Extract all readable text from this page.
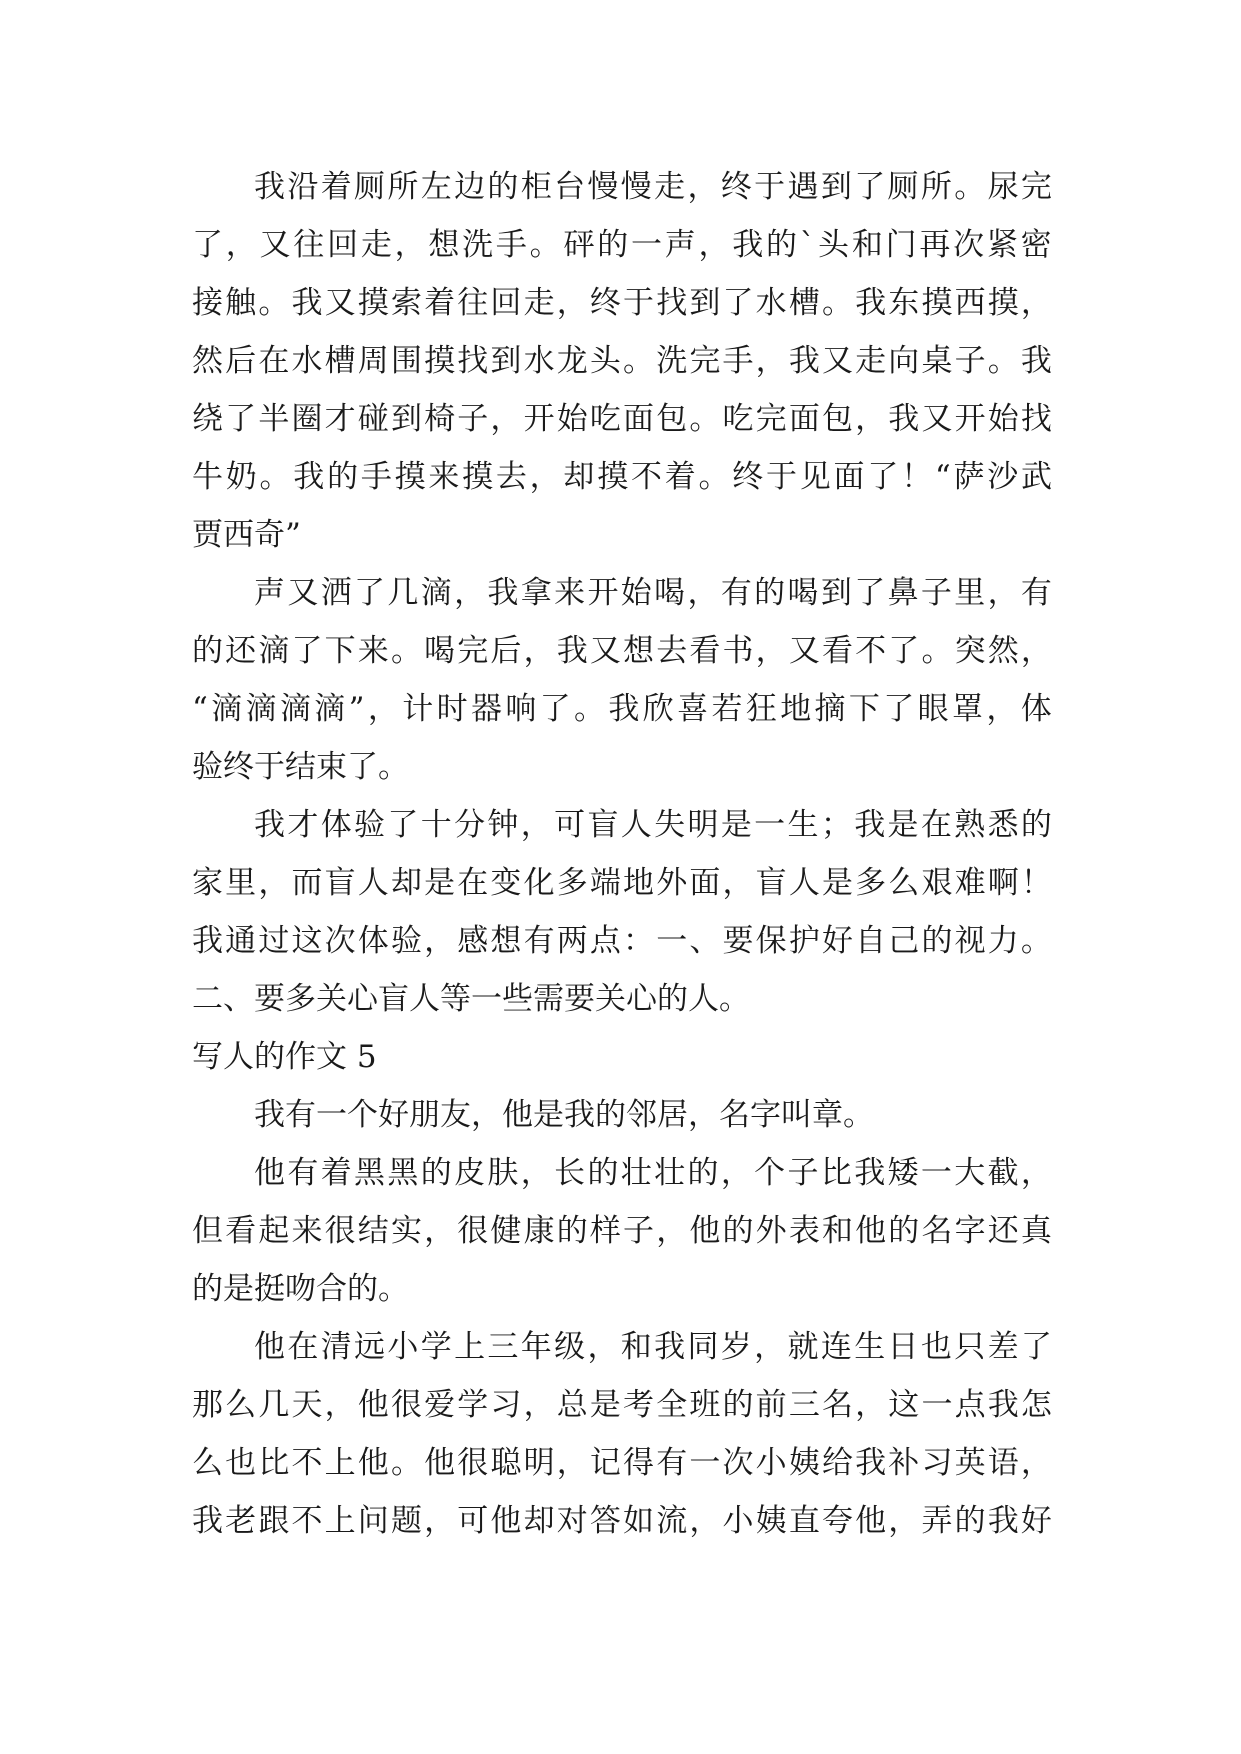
我 沿 着 厕 所 左 边 的 柜 台 慢 慢 走 ， 终 于 遇 到 了 厕 所 。 尿 完
了 ， 又 往 回 走 ， 想 洗 手 。 砰 的 一 声 ， 我 的 ` 头 和 门 再 次 紧 密
接 触 。 我 又 摸 索 着 往 回 走 ， 终 于 找 到 了 水 槽 。 我 东 摸 西 摸 ，
然 后 在 水 槽 周 围 摸 找 到 水 龙 头 。 洗 完 手 ， 我 又 走 向 桌 子 。 我
绕 了 半 圈 才 碰 到 椅 子 ， 开 始 吃 面 包 。 吃 完 面 包 ， 我 又 开 始 找
牛 奶 。 我 的 手 摸 来 摸 去 ， 却 摸 不 着 。 终 于 见 面 了 ！ “ 萨 沙 武
贾西奇”
声 又 洒 了 几 滴 ， 我 拿 来 开 始 喝 ， 有 的 喝 到 了 鼻 子 里 ， 有
的 还 滴 了 下 来 。 喝 完 后 ， 我 又 想 去 看 书 ， 又 看 不 了 。 突 然 ，
“ 滴 滴 滴 滴 ” ， 计 时 器 响 了 。 我 欣 喜 若 狂 地 摘 下 了 眼 罩 ， 体
验终于结束了。
我 才 体 验 了 十 分 钟 ， 可 盲 人 失 明 是 一 生 ； 我 是 在 熟 悉 的
家 里 ， 而 盲 人 却 是 在 变 化 多 端 地 外 面 ， 盲 人 是 多 么 艰 难 啊 ！
我 通 过 这 次 体 验 ， 感 想 有 两 点 ： 一 、 要 保 护 好 自 己 的 视 力 。
二、要多关心盲人等一些需要关心的人。
写人的作文 5
我有一个好朋友，他是我的邻居，名字叫章。
他 有 着 黑 黑 的 皮 肤 ， 长 的 壮 壮 的 ， 个 子 比 我 矮 一 大 截 ，
但 看 起 来 很 结 实 ， 很 健 康 的 样 子 ， 他 的 外 表 和 他 的 名 字 还 真
的是挺吻合的。
他 在 清 远 小 学 上 三 年 级 ， 和 我 同 岁 ， 就 连 生 日 也 只 差 了
那 么 几 天 ， 他 很 爱 学 习 ， 总 是 考 全 班 的 前 三 名 ， 这 一 点 我 怎
么 也 比 不 上 他 。 他 很 聪 明 ， 记 得 有 一 次 小 姨 给 我 补 习 英 语 ，
我 老 跟 不 上 问 题 ， 可 他 却 对 答 如 流 ， 小 姨 直 夸 他 ， 弄 的 我 好
